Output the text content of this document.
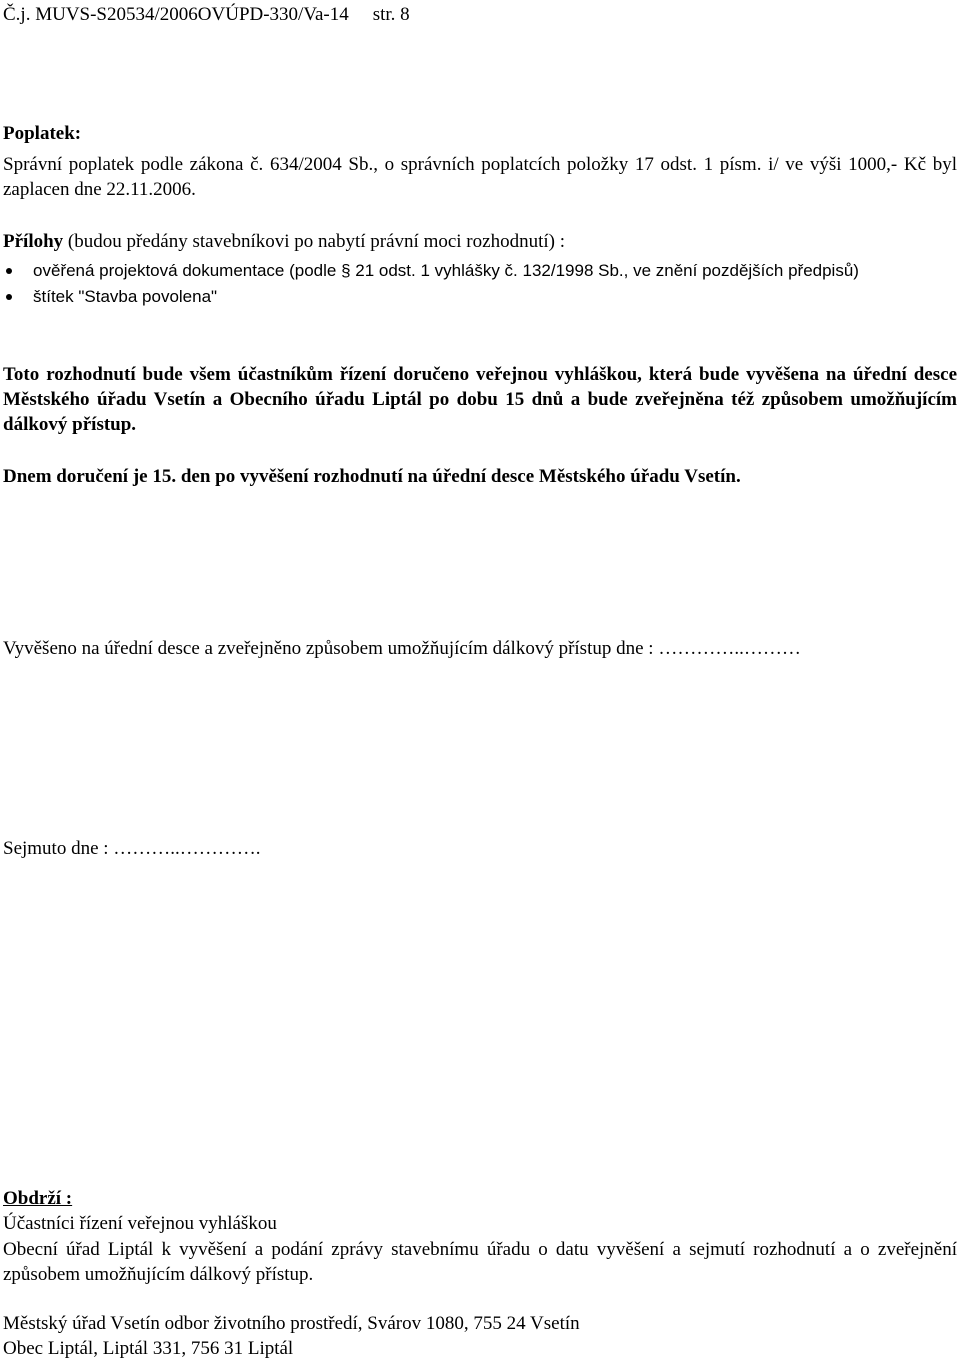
Č.j. MUVS-S20534/2006OVÚPD-330/Va-14 str. 8
Poplatek:
Správní poplatek podle zákona č. 634/2004 Sb., o správních poplatcích položky 17 odst. 1 písm. i/ ve výši 1000,- Kč byl zaplacen dne 22.11.2006.
Přílohy (budou předány stavebníkovi po nabytí právní moci rozhodnutí) :
ověřená projektová dokumentace (podle § 21 odst. 1 vyhlášky č. 132/1998 Sb., ve znění pozdějších předpisů)
štítek "Stavba povolena"
Toto rozhodnutí bude všem účastníkům řízení doručeno veřejnou vyhláškou, která bude vyvěšena na úřední desce Městského úřadu Vsetín a Obecního úřadu Liptál po dobu 15 dnů a bude zveřejněna též způsobem umožňujícím dálkový přístup.
Dnem doručení je 15. den po vyvěšení rozhodnutí na úřední desce Městského úřadu Vsetín.
Vyvěšeno na úřední desce a zveřejněno způsobem umožňujícím dálkový přístup dne : …………..………
Sejmuto dne : ………..………….
Obdrží :
Účastníci řízení veřejnou vyhláškou
Obecní úřad Liptál k vyvěšení a podání zprávy stavebnímu úřadu o datu vyvěšení a sejmutí rozhodnutí a o zveřejnění způsobem umožňujícím dálkový přístup.
Městský úřad Vsetín odbor životního prostředí, Svárov 1080, 755 24 Vsetín
Obec Liptál, Liptál 331, 756 31 Liptál
